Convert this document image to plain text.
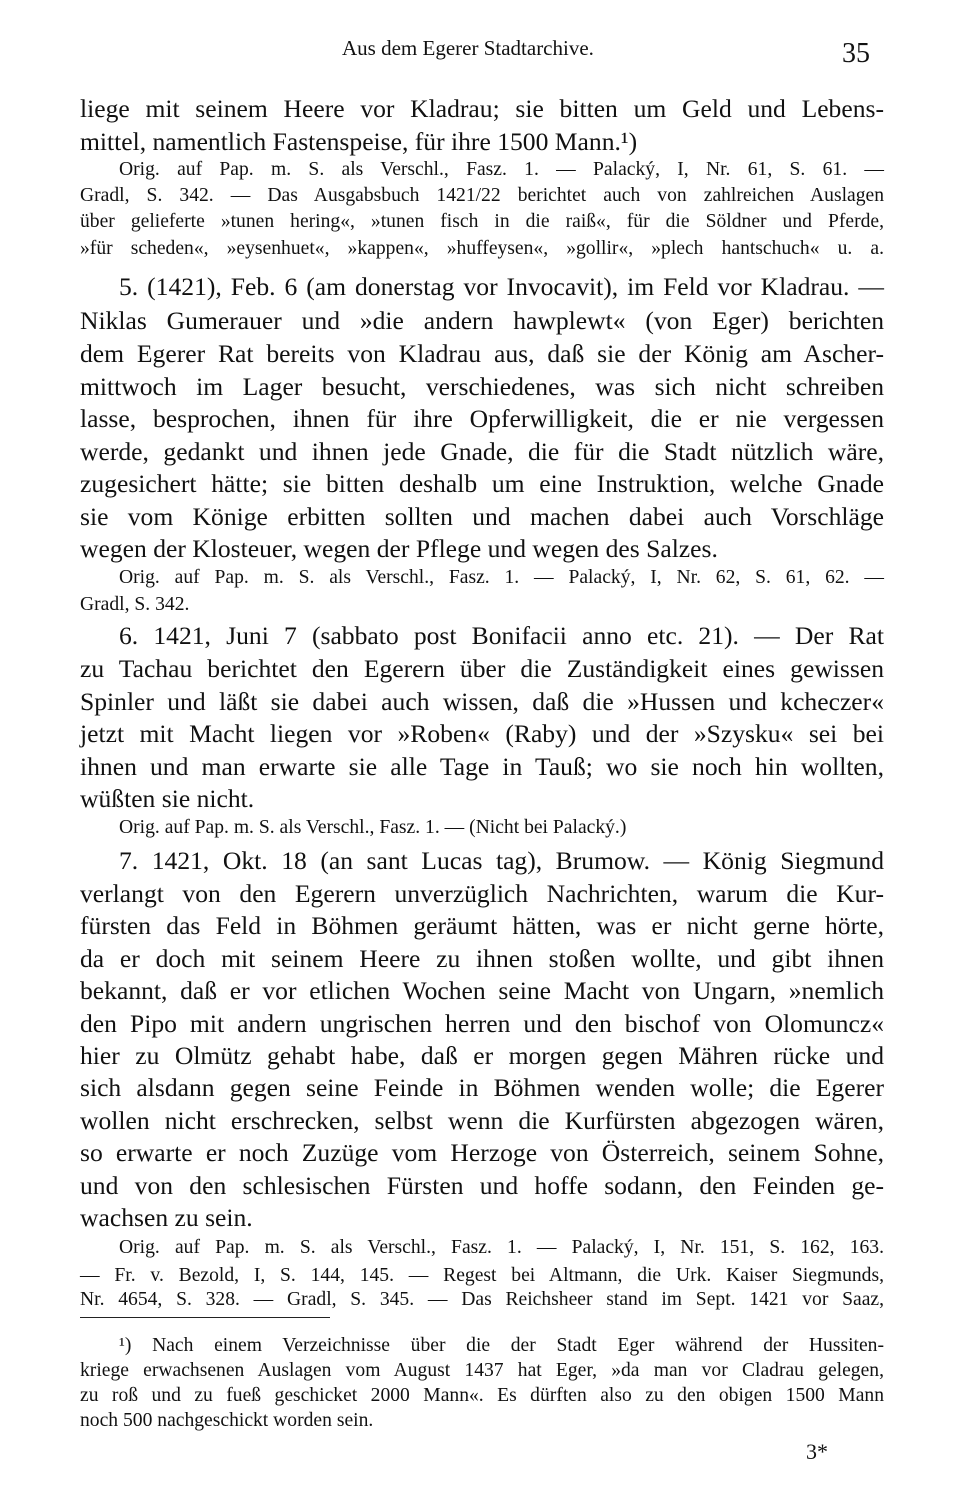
Aus dem Egerer Stadtarchive.	35
liege mit seinem Heere vor Kladrau; sie bitten um Geld und Lebens-
mittel, namentlich Fastenspeise, für ihre 1500 Mann.¹)
Orig. auf Pap. m. S. als Verschl., Fasz. 1. — Palacký, I, Nr. 61, S. 61. —
Gradl, S. 342. — Das Ausgabsbuch 1421/22 berichtet auch von zahlreichen Auslagen
über gelieferte »tunen hering«, »tunen fisch in die raiß«, für die Söldner und Pferde,
»für scheden«, »eysenhuet«, »kappen«, »huffeysen«, »gollir«, »plech hantschuch« u. a.
5. (1421), Feb. 6 (am donerstag vor Invocavit), im Feld vor Kladrau. —
Niklas Gumerauer und »die andern hawplewt« (von Eger) berichten
dem Egerer Rat bereits von Kladrau aus, daß sie der König am Ascher-
mittwoch im Lager besucht, verschiedenes, was sich nicht schreiben
lasse, besprochen, ihnen für ihre Opferwilligkeit, die er nie vergessen
werde, gedankt und ihnen jede Gnade, die für die Stadt nützlich wäre,
zugesichert hätte; sie bitten deshalb um eine Instruktion, welche Gnade
sie vom Könige erbitten sollten und machen dabei auch Vorschläge
wegen der Klosteuer, wegen der Pflege und wegen des Salzes.
Orig. auf Pap. m. S. als Verschl., Fasz. 1. — Palacký, I, Nr. 62, S. 61, 62. —
Gradl, S. 342.
6. 1421, Juni 7 (sabbato post Bonifacii anno etc. 21). — Der Rat
zu Tachau berichtet den Egerern über die Zuständigkeit eines gewissen
Spinler und läßt sie dabei auch wissen, daß die »Hussen und kcheczer«
jetzt mit Macht liegen vor »Roben« (Raby) und der »Szysku« sei bei
ihnen und man erwarte sie alle Tage in Tauß; wo sie noch hin wollten,
wüßten sie nicht.
Orig. auf Pap. m. S. als Verschl., Fasz. 1. — (Nicht bei Palacký.)
7. 1421, Okt. 18 (an sant Lucas tag), Brumow. — König Siegmund
verlangt von den Egerern unverzüglich Nachrichten, warum die Kur-
fürsten das Feld in Böhmen geräumt hätten, was er nicht gerne hörte,
da er doch mit seinem Heere zu ihnen stoßen wollte, und gibt ihnen
bekannt, daß er vor etlichen Wochen seine Macht von Ungarn, »nemlich
den Pipo mit andern ungrischen herren und den bischof von Olomuncz«
hier zu Olmütz gehabt habe, daß er morgen gegen Mähren rücke und
sich alsdann gegen seine Feinde in Böhmen wenden wolle; die Egerer
wollen nicht erschrecken, selbst wenn die Kurfürsten abgezogen wären,
so erwarte er noch Zuzüge vom Herzoge von Österreich, seinem Sohne,
und von den schlesischen Fürsten und hoffe sodann, den Feinden ge-
wachsen zu sein.
Orig. auf Pap. m. S. als Verschl., Fasz. 1. — Palacký, I, Nr. 151, S. 162, 163.
— Fr. v. Bezold, I, S. 144, 145. — Regest bei Altmann, die Urk. Kaiser Siegmunds,
Nr. 4654, S. 328. — Gradl, S. 345. — Das Reichsheer stand im Sept. 1421 vor Saaz,
¹) Nach einem Verzeichnisse über die der Stadt Eger während der Hussiten-
kriege erwachsenen Auslagen vom August 1437 hat Eger, »da man vor Cladrau gelegen,
zu roß und zu fueß geschicket 2000 Mann«. Es dürften also zu den obigen 1500 Mann
noch 500 nachgeschickt worden sein.
3*
